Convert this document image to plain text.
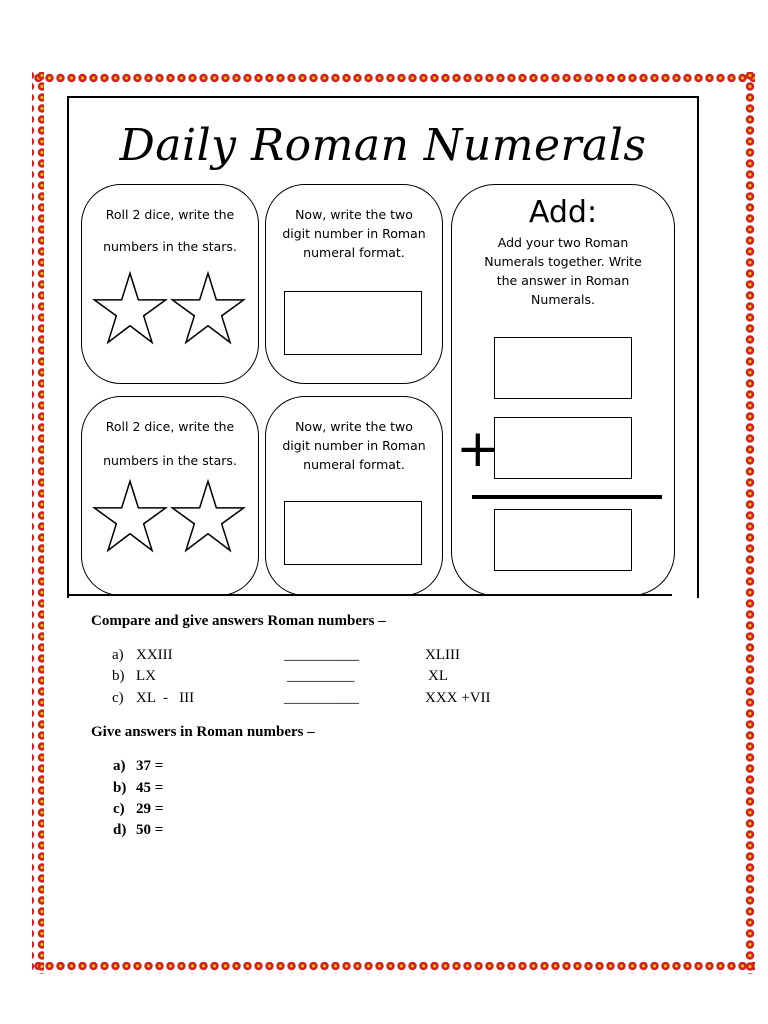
Daily Roman Numerals
Roll 2 dice, write the
numbers in the stars.
Now, write the two
digit number in Roman
numeral format.
Roll 2 dice, write the
numbers in the stars.
Now, write the two
digit number in Roman
numeral format.
Add:
Add your two Roman
Numerals together. Write
the answer in Roman
Numerals.
+
Compare and give answers Roman numbers –
a) XXIII	__________	XLIII
b) LX	_________	XL
c) XL  -   III	__________	XXX +VII
Give answers in Roman numbers –
a) 37 =
b) 45 =
c) 29 =
d) 50 =
